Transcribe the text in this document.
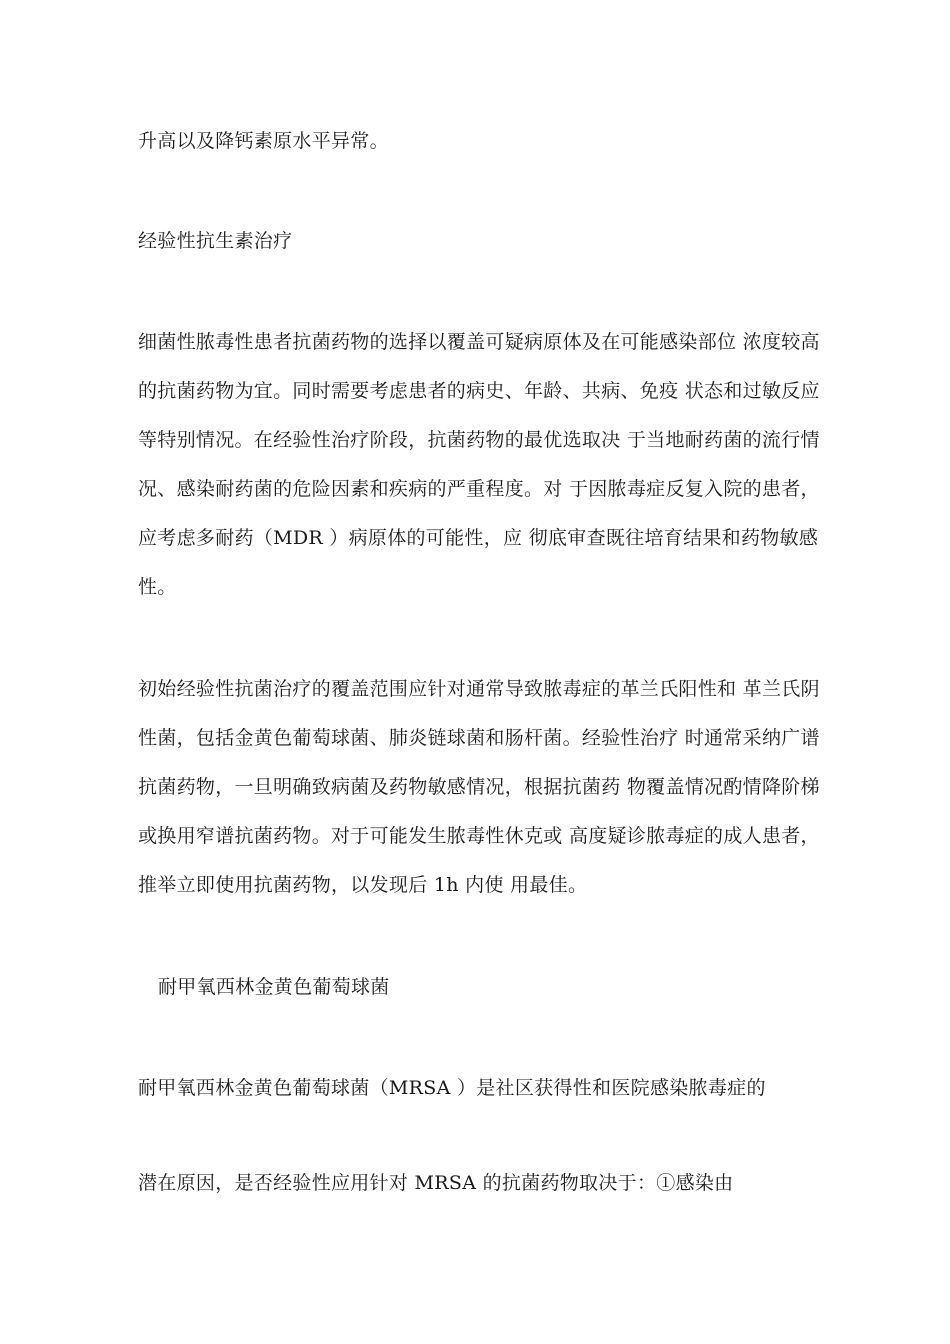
升高以及降钙素原水平异常。
经验性抗生素治疗
细菌性脓毒性患者抗菌药物的选择以覆盖可疑病原体及在可能感染部位 浓度较高
的抗菌药物为宜。同时需要考虑患者的病史、年龄、共病、免疫 状态和过敏反应
等特别情况。在经验性治疗阶段，抗菌药物的最优选取决 于当地耐药菌的流行情
况、感染耐药菌的危险因素和疾病的严重程度。对 于因脓毒症反复入院的患者，
应考虑多耐药（MDR ）病原体的可能性，应 彻底审查既往培育结果和药物敏感
性。
初始经验性抗菌治疗的覆盖范围应针对通常导致脓毒症的革兰氏阳性和 革兰氏阴
性菌，包括金黄色葡萄球菌、肺炎链球菌和肠杆菌。经验性治疗 时通常采纳广谱
抗菌药物，一旦明确致病菌及药物敏感情况，根据抗菌药 物覆盖情况酌情降阶梯
或换用窄谱抗菌药物。对于可能发生脓毒性休克或 高度疑诊脓毒症的成人患者，
推举立即使用抗菌药物，以发现后 1h 内使 用最佳。
耐甲氧西林金黄色葡萄球菌
耐甲氧西林金黄色葡萄球菌（MRSA ）是社区获得性和医院感染脓毒症的
潜在原因，是否经验性应用针对 MRSA 的抗菌药物取决于：①感染由
